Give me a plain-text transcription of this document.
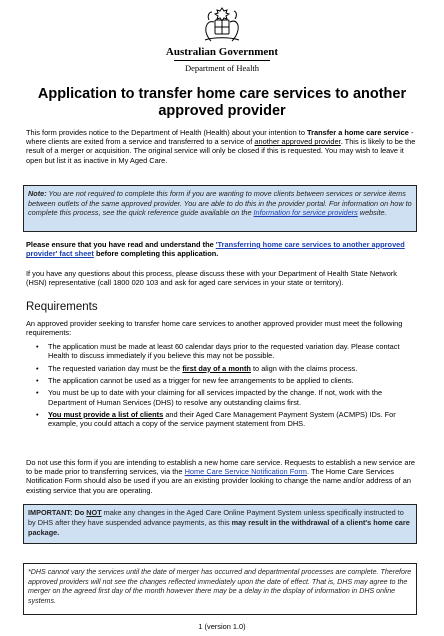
Australian Government
Department of Health
Application to transfer home care services to another approved provider

This form provides notice to the Department of Health (Health) about your intention to Transfer a home care service - where clients are exited from a service and transferred to a service of another approved provider. This is likely to be the result of a merger or acquisition. The original service will only be closed if this is requested. You may wish to leave it open but list it as inactive in My Aged Care.

Note: You are not required to complete this form if you are wanting to move clients between services or service items between outlets of the same approved provider. You are able to do this in the provider portal. For information on how to complete this process, see the quick reference guide available on the Information for service providers website.

Please ensure that you have read and understand the 'Transferring home care services to another approved provider' fact sheet before completing this application.

If you have any questions about this process, please discuss these with your Department of Health State Network (HSN) representative (call 1800 020 103 and ask for aged care services in your state or territory).

Requirements

An approved provider seeking to transfer home care services to another approved provider must meet the following requirements:

• The application must be made at least 60 calendar days prior to the requested variation day. Please contact Health to discuss immediately if you believe this may not be possible.
• The requested variation day must be the first day of a month to align with the claims process.
• The application cannot be used as a trigger for new fee arrangements to be applied to clients.
• You must be up to date with your claiming for all services impacted by the change. If not, work with the Department of Human Services (DHS) to resolve any outstanding claims first.
• You must provide a list of clients and their Aged Care Management Payment System (ACMPS) IDs. For example, you could attach a copy of the service payment statement from DHS.

Do not use this form if you are intending to establish a new home care service. Requests to establish a new service are to be made prior to transferring services, via the Home Care Service Notification Form. The Home Care Services Notification Form should also be used if you are an existing provider looking to change the name and/or address of an existing service that you are operating.

IMPORTANT: Do NOT make any changes in the Aged Care Online Payment System unless specifically instructed to by DHS after they have suspended advance payments, as this may result in the withdrawal of a client's home care package.
*DHS cannot vary the services until the date of merger has occurred and departmental processes are complete. Therefore approved providers will not see the changes reflected immediately upon the date of effect. That is, DHS may agree to the merger on the agreed first day of the month however there may be a delay in the display of information in DHS online systems.
1 (version 1.0)
